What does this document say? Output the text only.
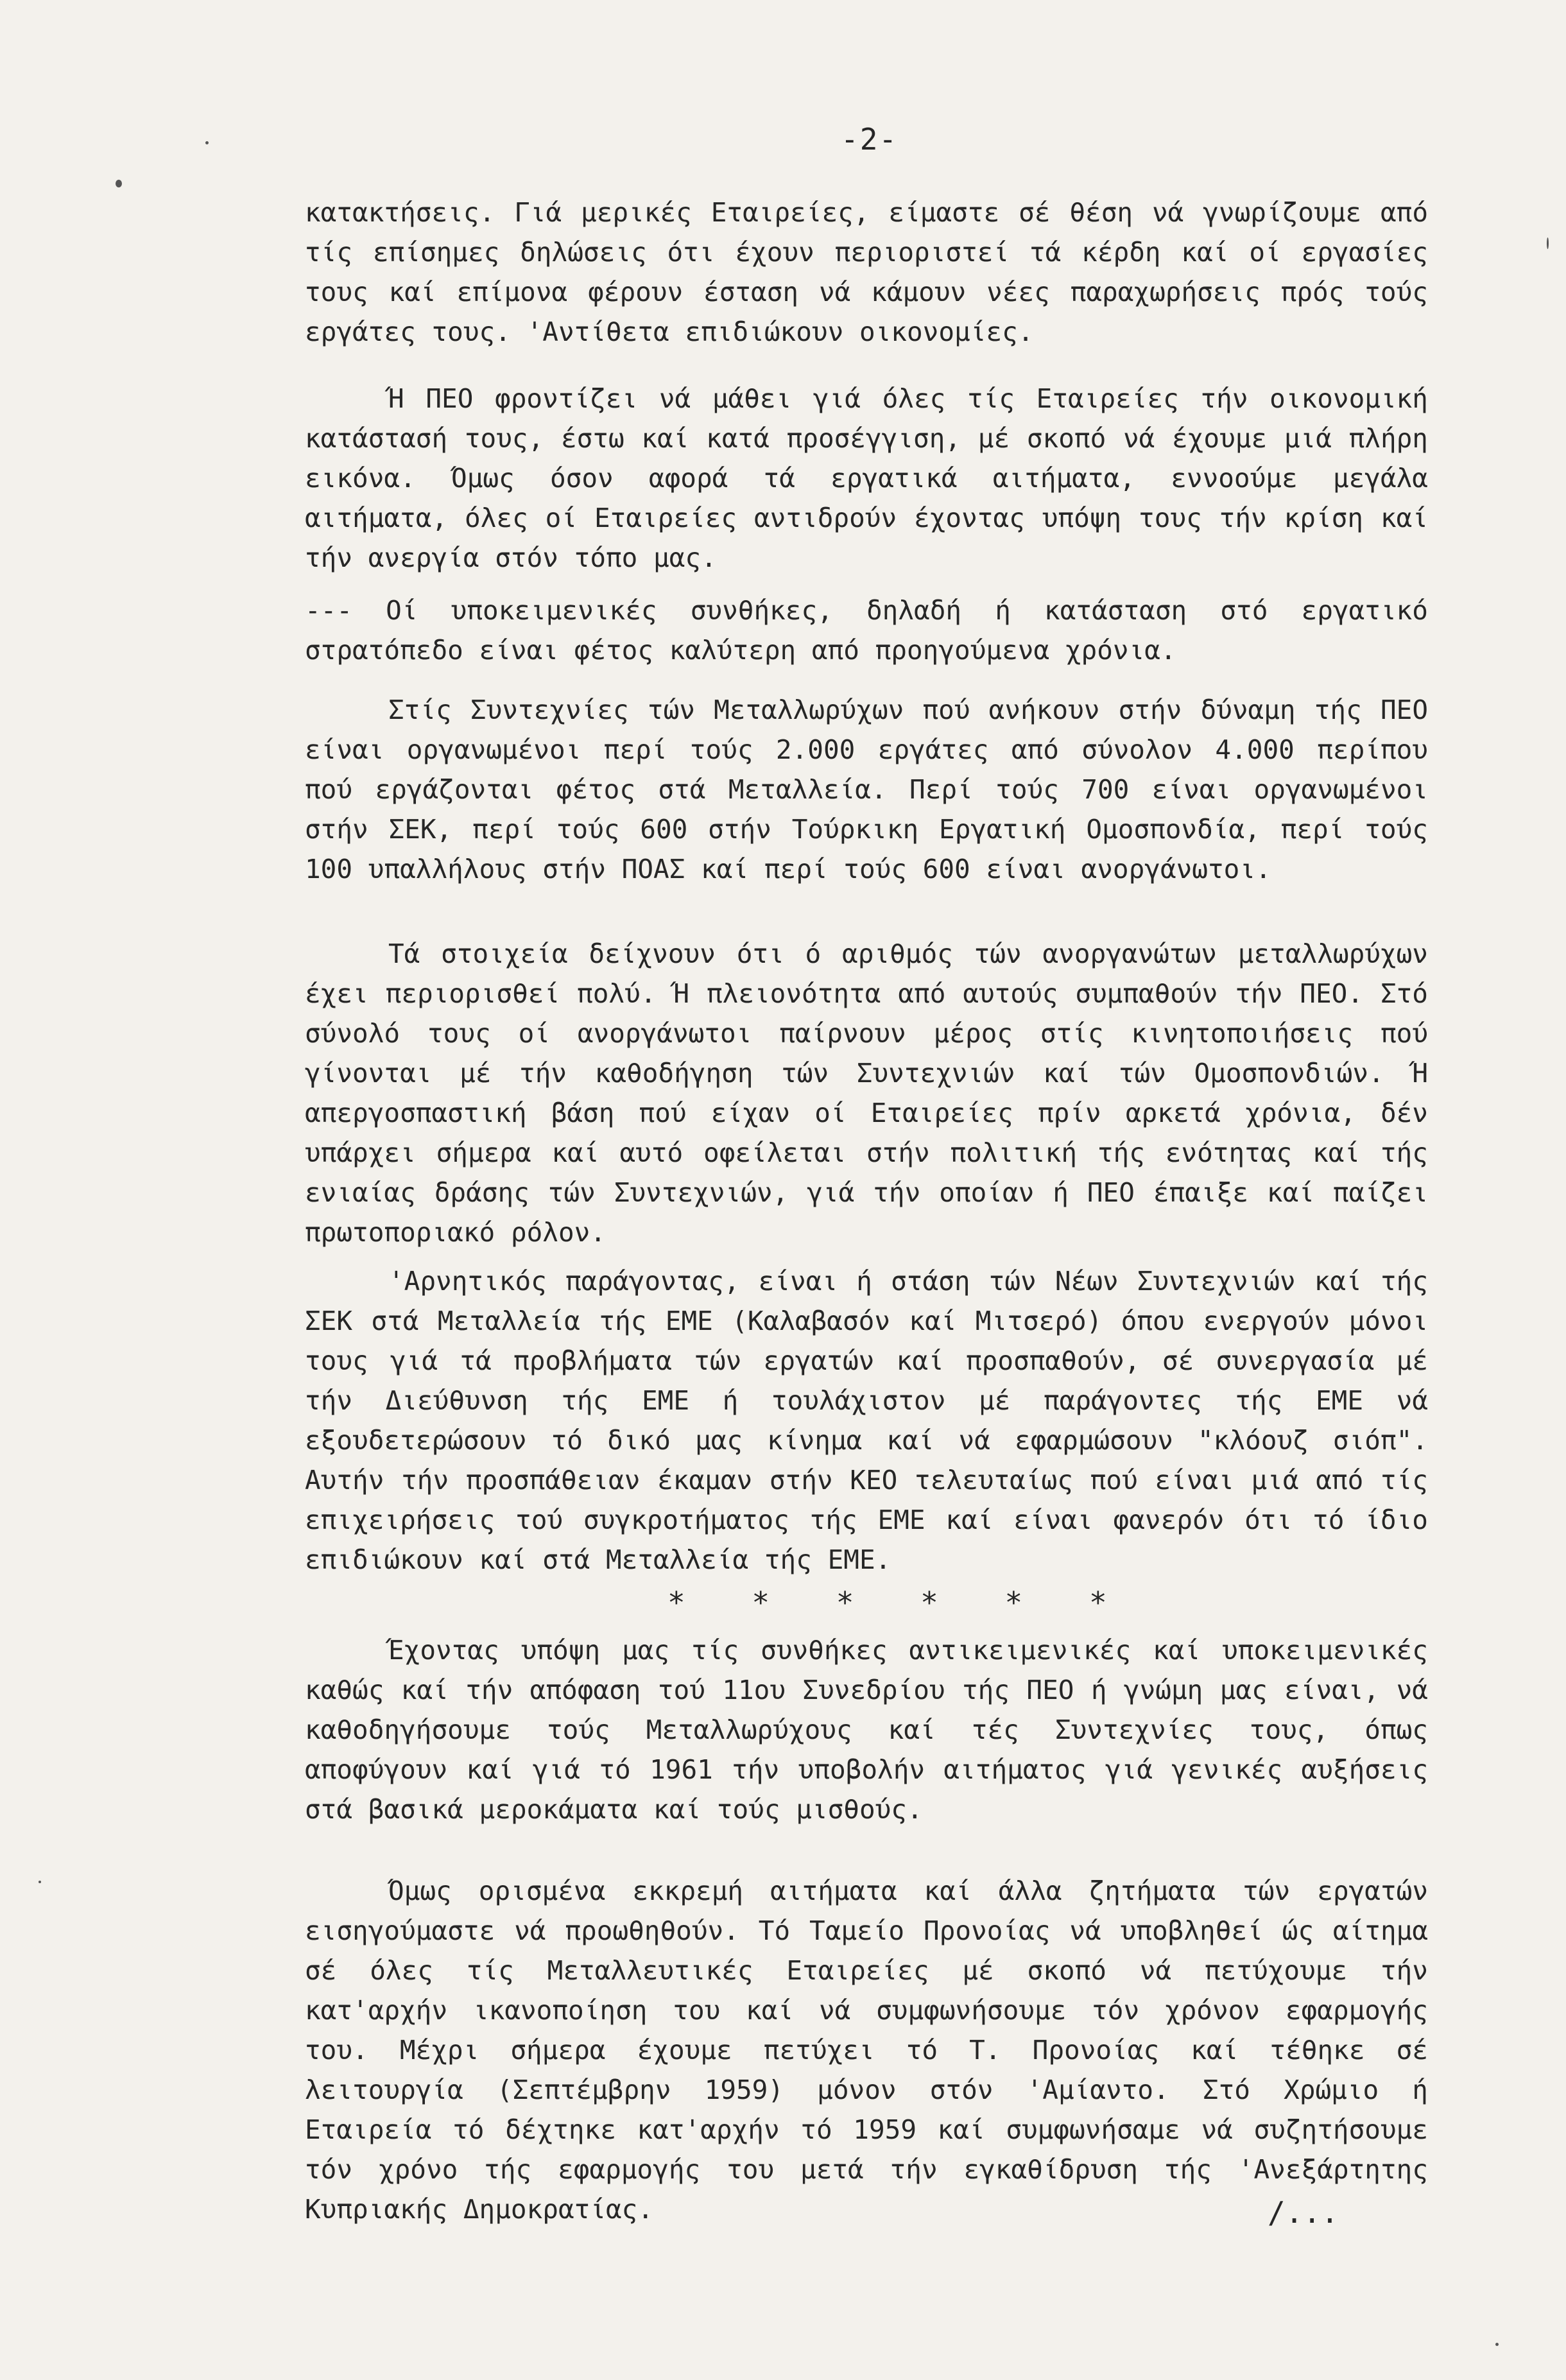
-2-

κατακτήσεις. Γιά μερικές Εταιρείες, είμαστε σέ θέση νά γνωρίζουμε από τίς επίσημες δηλώσεις ότι έχουν περιοριστεί τά κέρδη καί οί εργασίες τους καί επίμονα φέρουν έσταση νά κάμουν νέες παραχωρήσεις πρός τούς εργάτες τους. 'Αντίθετα επιδιώκουν οικονομίες.

Ή ΠΕΟ φροντίζει νά μάθει γιά όλες τίς Εταιρείες τήν οικονομική κατάστασή τους, έστω καί κατά προσέγγιση, μέ σκοπό νά έχουμε μιά πλήρη εικόνα. Όμως όσον αφορά τά εργατικά αιτήματα, εννοούμε μεγάλα αιτήματα, όλες οί Εταιρείες αντιδρούν έχοντας υπόψη τους τήν κρίση καί τήν ανεργία στόν τόπο μας.

--- Οί υποκειμενικές συνθήκες, δηλαδή ή κατάσταση στό εργατικό στρατόπεδο είναι φέτος καλύτερη από προηγούμενα χρόνια.

Στίς Συντεχνίες τών Μεταλλωρύχων πού ανήκουν στήν δύναμη τής ΠΕΟ είναι οργανωμένοι περί τούς 2.000 εργάτες από σύνολον 4.000 περίπου πού εργάζονται φέτος στά Μεταλλεία. Περί τούς 700 είναι οργανωμένοι στήν ΣΕΚ, περί τούς 600 στήν Τούρκικη Εργατική Ομοσπονδία, περί τούς 100 υπαλλήλους στήν ΠΟΑΣ καί περί τούς 600 είναι ανοργάνωτοι.

Τά στοιχεία δείχνουν ότι ό αριθμός τών ανοργανώτων μεταλλωρύχων έχει περιορισθεί πολύ. Ή πλειονότητα από αυτούς συμπαθούν τήν ΠΕΟ. Στό σύνολό τους οί ανοργάνωτοι παίρνουν μέρος στίς κινητοποιήσεις πού γίνονται μέ τήν καθοδήγηση τών Συντεχνιών καί τών Ομοσπονδιών. Ή απεργοσπαστική βάση πού είχαν οί Εταιρείες πρίν αρκετά χρόνια, δέν υπάρχει σήμερα καί αυτό οφείλεται στήν πολιτική τής ενότητας καί τής ενιαίας δράσης τών Συντεχνιών, γιά τήν οποίαν ή ΠΕΟ έπαιξε καί παίζει πρωτοποριακό ρόλον.

'Αρνητικός παράγοντας, είναι ή στάση τών Νέων Συντεχνιών καί τής ΣΕΚ στά Μεταλλεία τής ΕΜΕ (Καλαβασόν καί Μιτσερό) όπου ενεργούν μόνοι τους γιά τά προβλήματα τών εργατών καί προσπαθούν, σέ συνεργασία μέ τήν Διεύθυνση τής ΕΜΕ ή τουλάχιστον μέ παράγοντες τής ΕΜΕ νά εξουδετερώσουν τό δικό μας κίνημα καί νά εφαρμώσουν "κλόουζ σιόπ". Αυτήν τήν προσπάθειαν έκαμαν στήν ΚΕΟ τελευταίως πού είναι μιά από τίς επιχειρήσεις τού συγκροτήματος τής ΕΜΕ καί είναι φανερόν ότι τό ίδιο επιδιώκουν καί στά Μεταλλεία τής ΕΜΕ.

* * * * * *

Έχοντας υπόψη μας τίς συνθήκες αντικειμενικές καί υποκειμενικές καθώς καί τήν απόφαση τού 11ου Συνεδρίου τής ΠΕΟ ή γνώμη μας είναι, νά καθοδηγήσουμε τούς Μεταλλωρύχους καί τές Συντεχνίες τους, όπως αποφύγουν καί γιά τό 1961 τήν υποβολήν αιτήματος γιά γενικές αυξήσεις στά βασικά μεροκάματα καί τούς μισθούς.

Όμως ορισμένα εκκρεμή αιτήματα καί άλλα ζητήματα τών εργατών εισηγούμαστε νά προωθηθούν. Τό Ταμείο Προνοίας νά υποβληθεί ώς αίτημα σέ όλες τίς Μεταλλευτικές Εταιρείες μέ σκοπό νά πετύχουμε τήν κατ'αρχήν ικανοποίηση του καί νά συμφωνήσουμε τόν χρόνον εφαρμογής του. Μέχρι σήμερα έχουμε πετύχει τό Τ. Προνοίας καί τέθηκε σέ λειτουργία (Σεπτέμβρην 1959) μόνον στόν 'Αμίαντο. Στό Χρώμιο ή Εταιρεία τό δέχτηκε κατ'αρχήν τό 1959 καί συμφωνήσαμε νά συζητήσουμε τόν χρόνο τής εφαρμογής του μετά τήν εγκαθίδρυση τής 'Ανεξάρτητης Κυπριακής Δημοκρατίας.	/...
